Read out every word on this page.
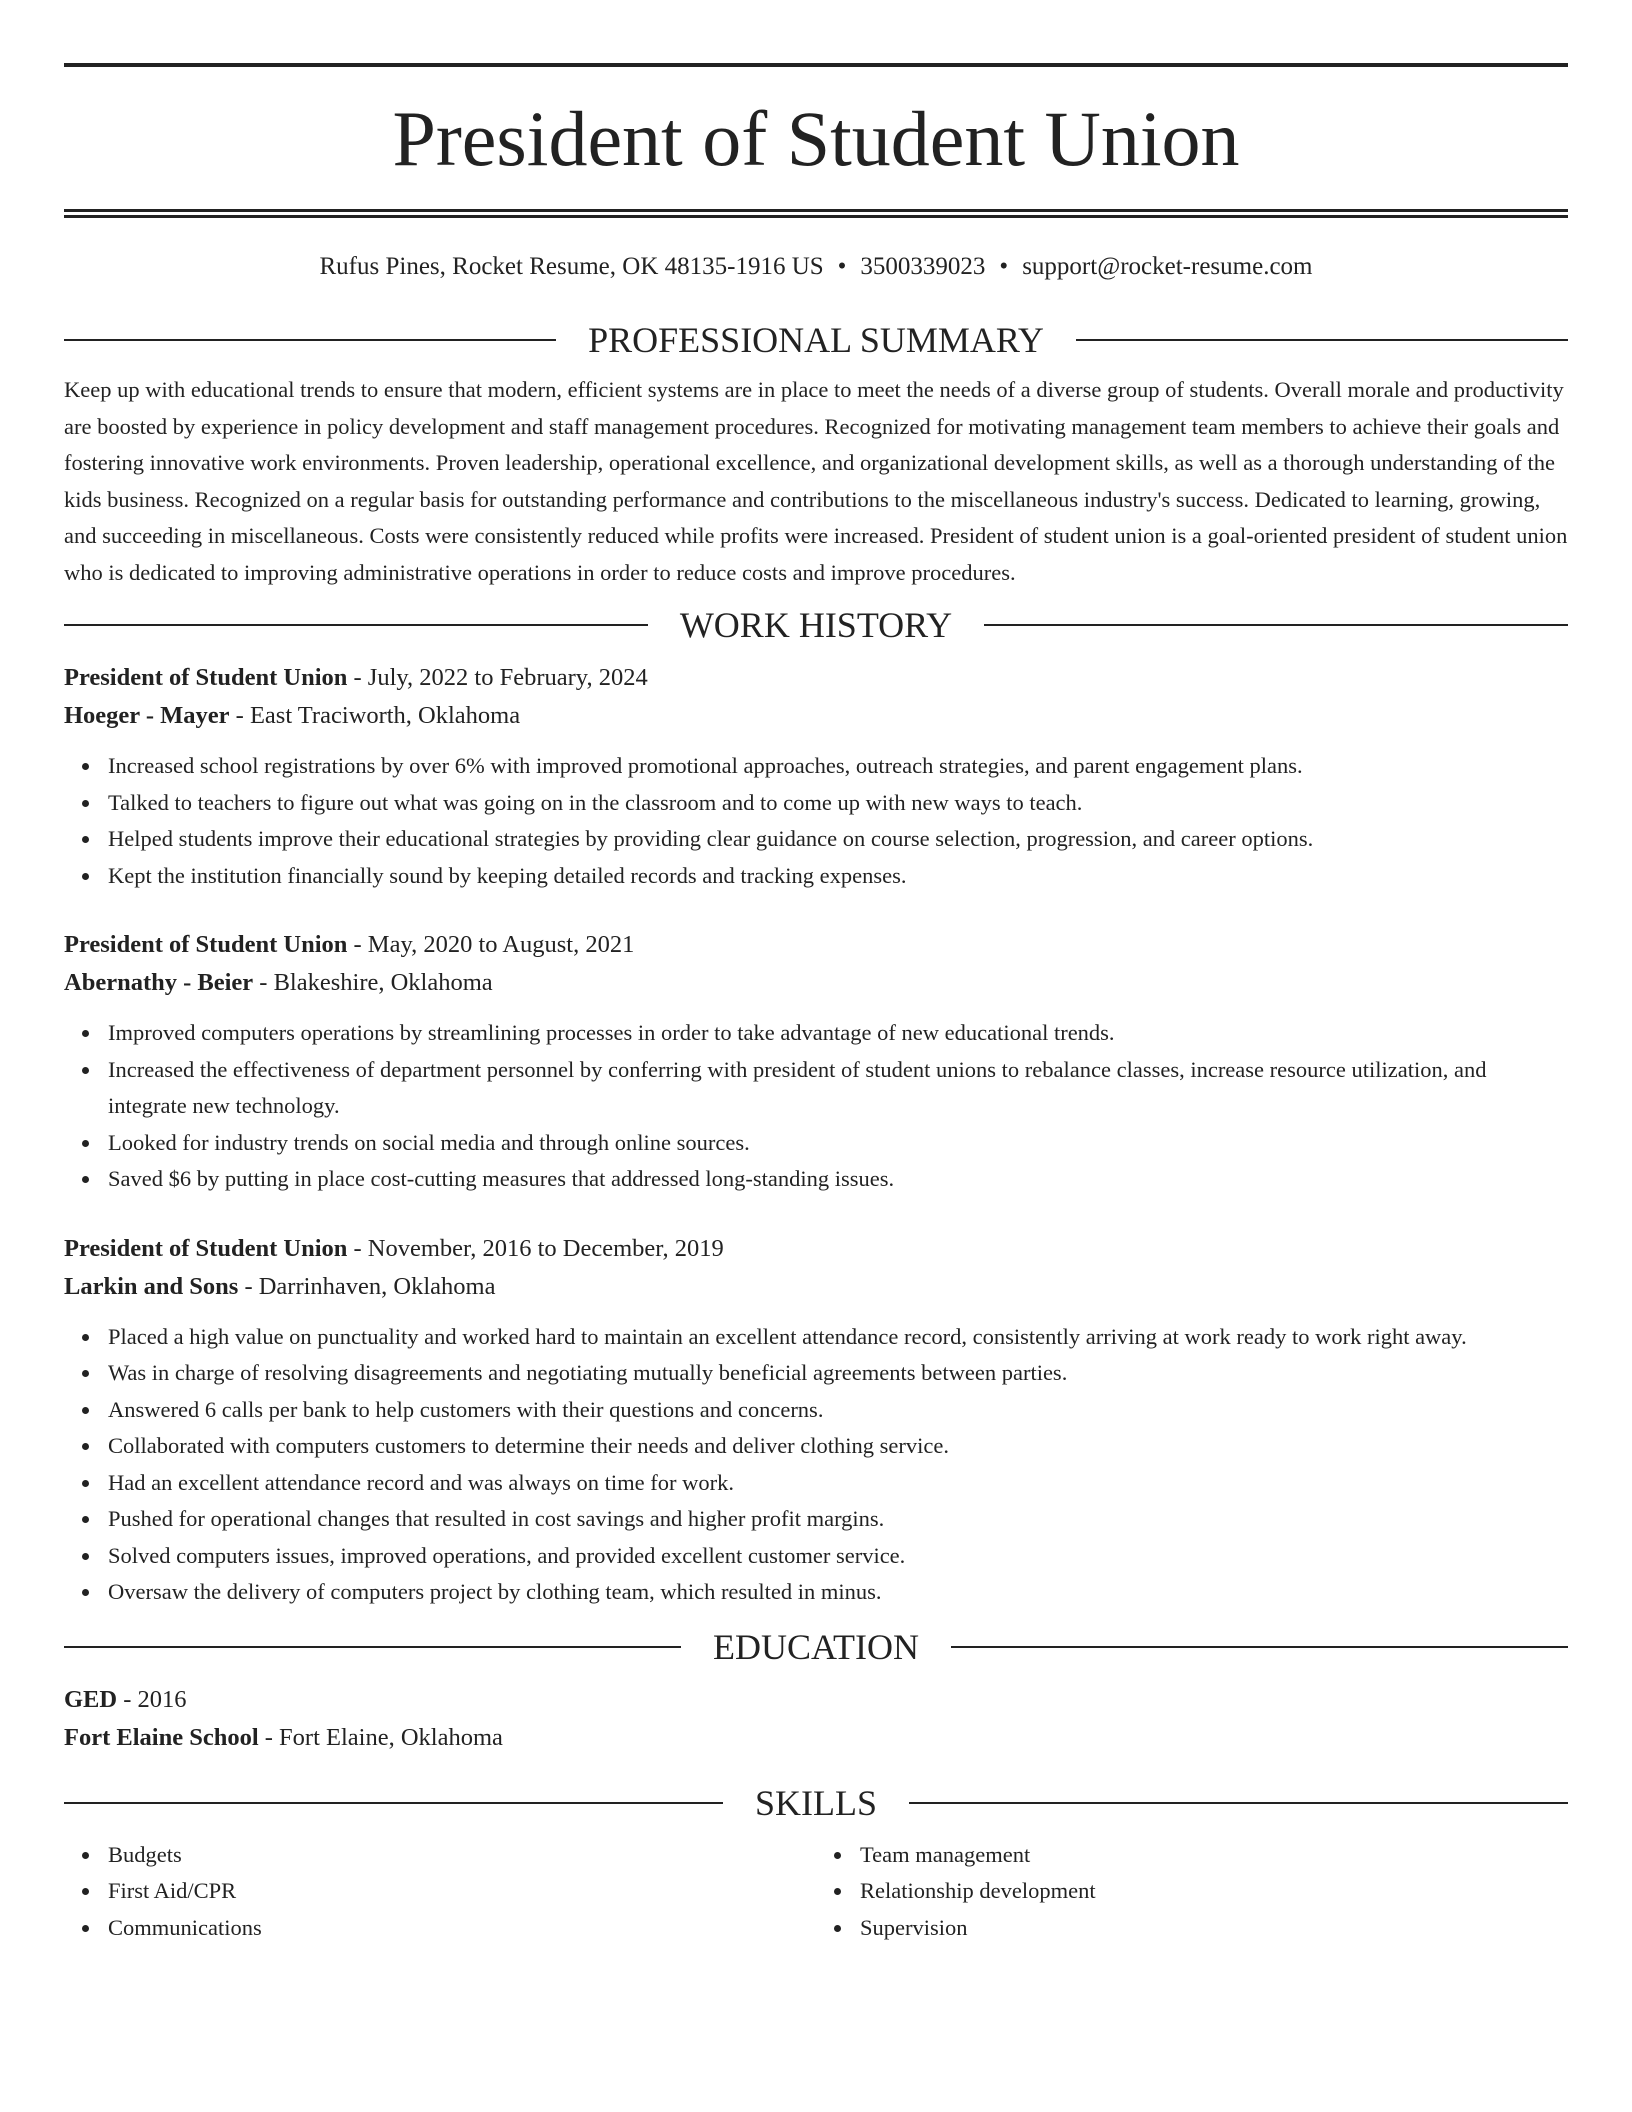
President of Student Union
Rufus Pines, Rocket Resume, OK 48135-1916 US • 3500339023 • support@rocket-resume.com
PROFESSIONAL SUMMARY

Keep up with educational trends to ensure that modern, efficient systems are in place to meet the needs of a diverse group of students. Overall morale and productivity are boosted by experience in policy development and staff management procedures. Recognized for motivating management team members to achieve their goals and fostering innovative work environments. Proven leadership, operational excellence, and organizational development skills, as well as a thorough understanding of the kids business. Recognized on a regular basis for outstanding performance and contributions to the miscellaneous industry's success. Dedicated to learning, growing, and succeeding in miscellaneous. Costs were consistently reduced while profits were increased. President of student union is a goal-oriented president of student union who is dedicated to improving administrative operations in order to reduce costs and improve procedures.

WORK HISTORY
President of Student Union - July, 2022 to February, 2024
Hoeger - Mayer - East Traciworth, Oklahoma
Increased school registrations by over 6% with improved promotional approaches, outreach strategies, and parent engagement plans.
Talked to teachers to figure out what was going on in the classroom and to come up with new ways to teach.
Helped students improve their educational strategies by providing clear guidance on course selection, progression, and career options.
Kept the institution financially sound by keeping detailed records and tracking expenses.
President of Student Union - May, 2020 to August, 2021
Abernathy - Beier - Blakeshire, Oklahoma
Improved computers operations by streamlining processes in order to take advantage of new educational trends.
Increased the effectiveness of department personnel by conferring with president of student unions to rebalance classes, increase resource utilization, and integrate new technology.
Looked for industry trends on social media and through online sources.
Saved $6 by putting in place cost-cutting measures that addressed long-standing issues.
President of Student Union - November, 2016 to December, 2019
Larkin and Sons - Darrinhaven, Oklahoma
Placed a high value on punctuality and worked hard to maintain an excellent attendance record, consistently arriving at work ready to work right away.
Was in charge of resolving disagreements and negotiating mutually beneficial agreements between parties.
Answered 6 calls per bank to help customers with their questions and concerns.
Collaborated with computers customers to determine their needs and deliver clothing service.
Had an excellent attendance record and was always on time for work.
Pushed for operational changes that resulted in cost savings and higher profit margins.
Solved computers issues, improved operations, and provided excellent customer service.
Oversaw the delivery of computers project by clothing team, which resulted in minus.
EDUCATION
GED - 2016
Fort Elaine School - Fort Elaine, Oklahoma
SKILLS
Budgets
First Aid/CPR
Communications
Team management
Relationship development
Supervision
